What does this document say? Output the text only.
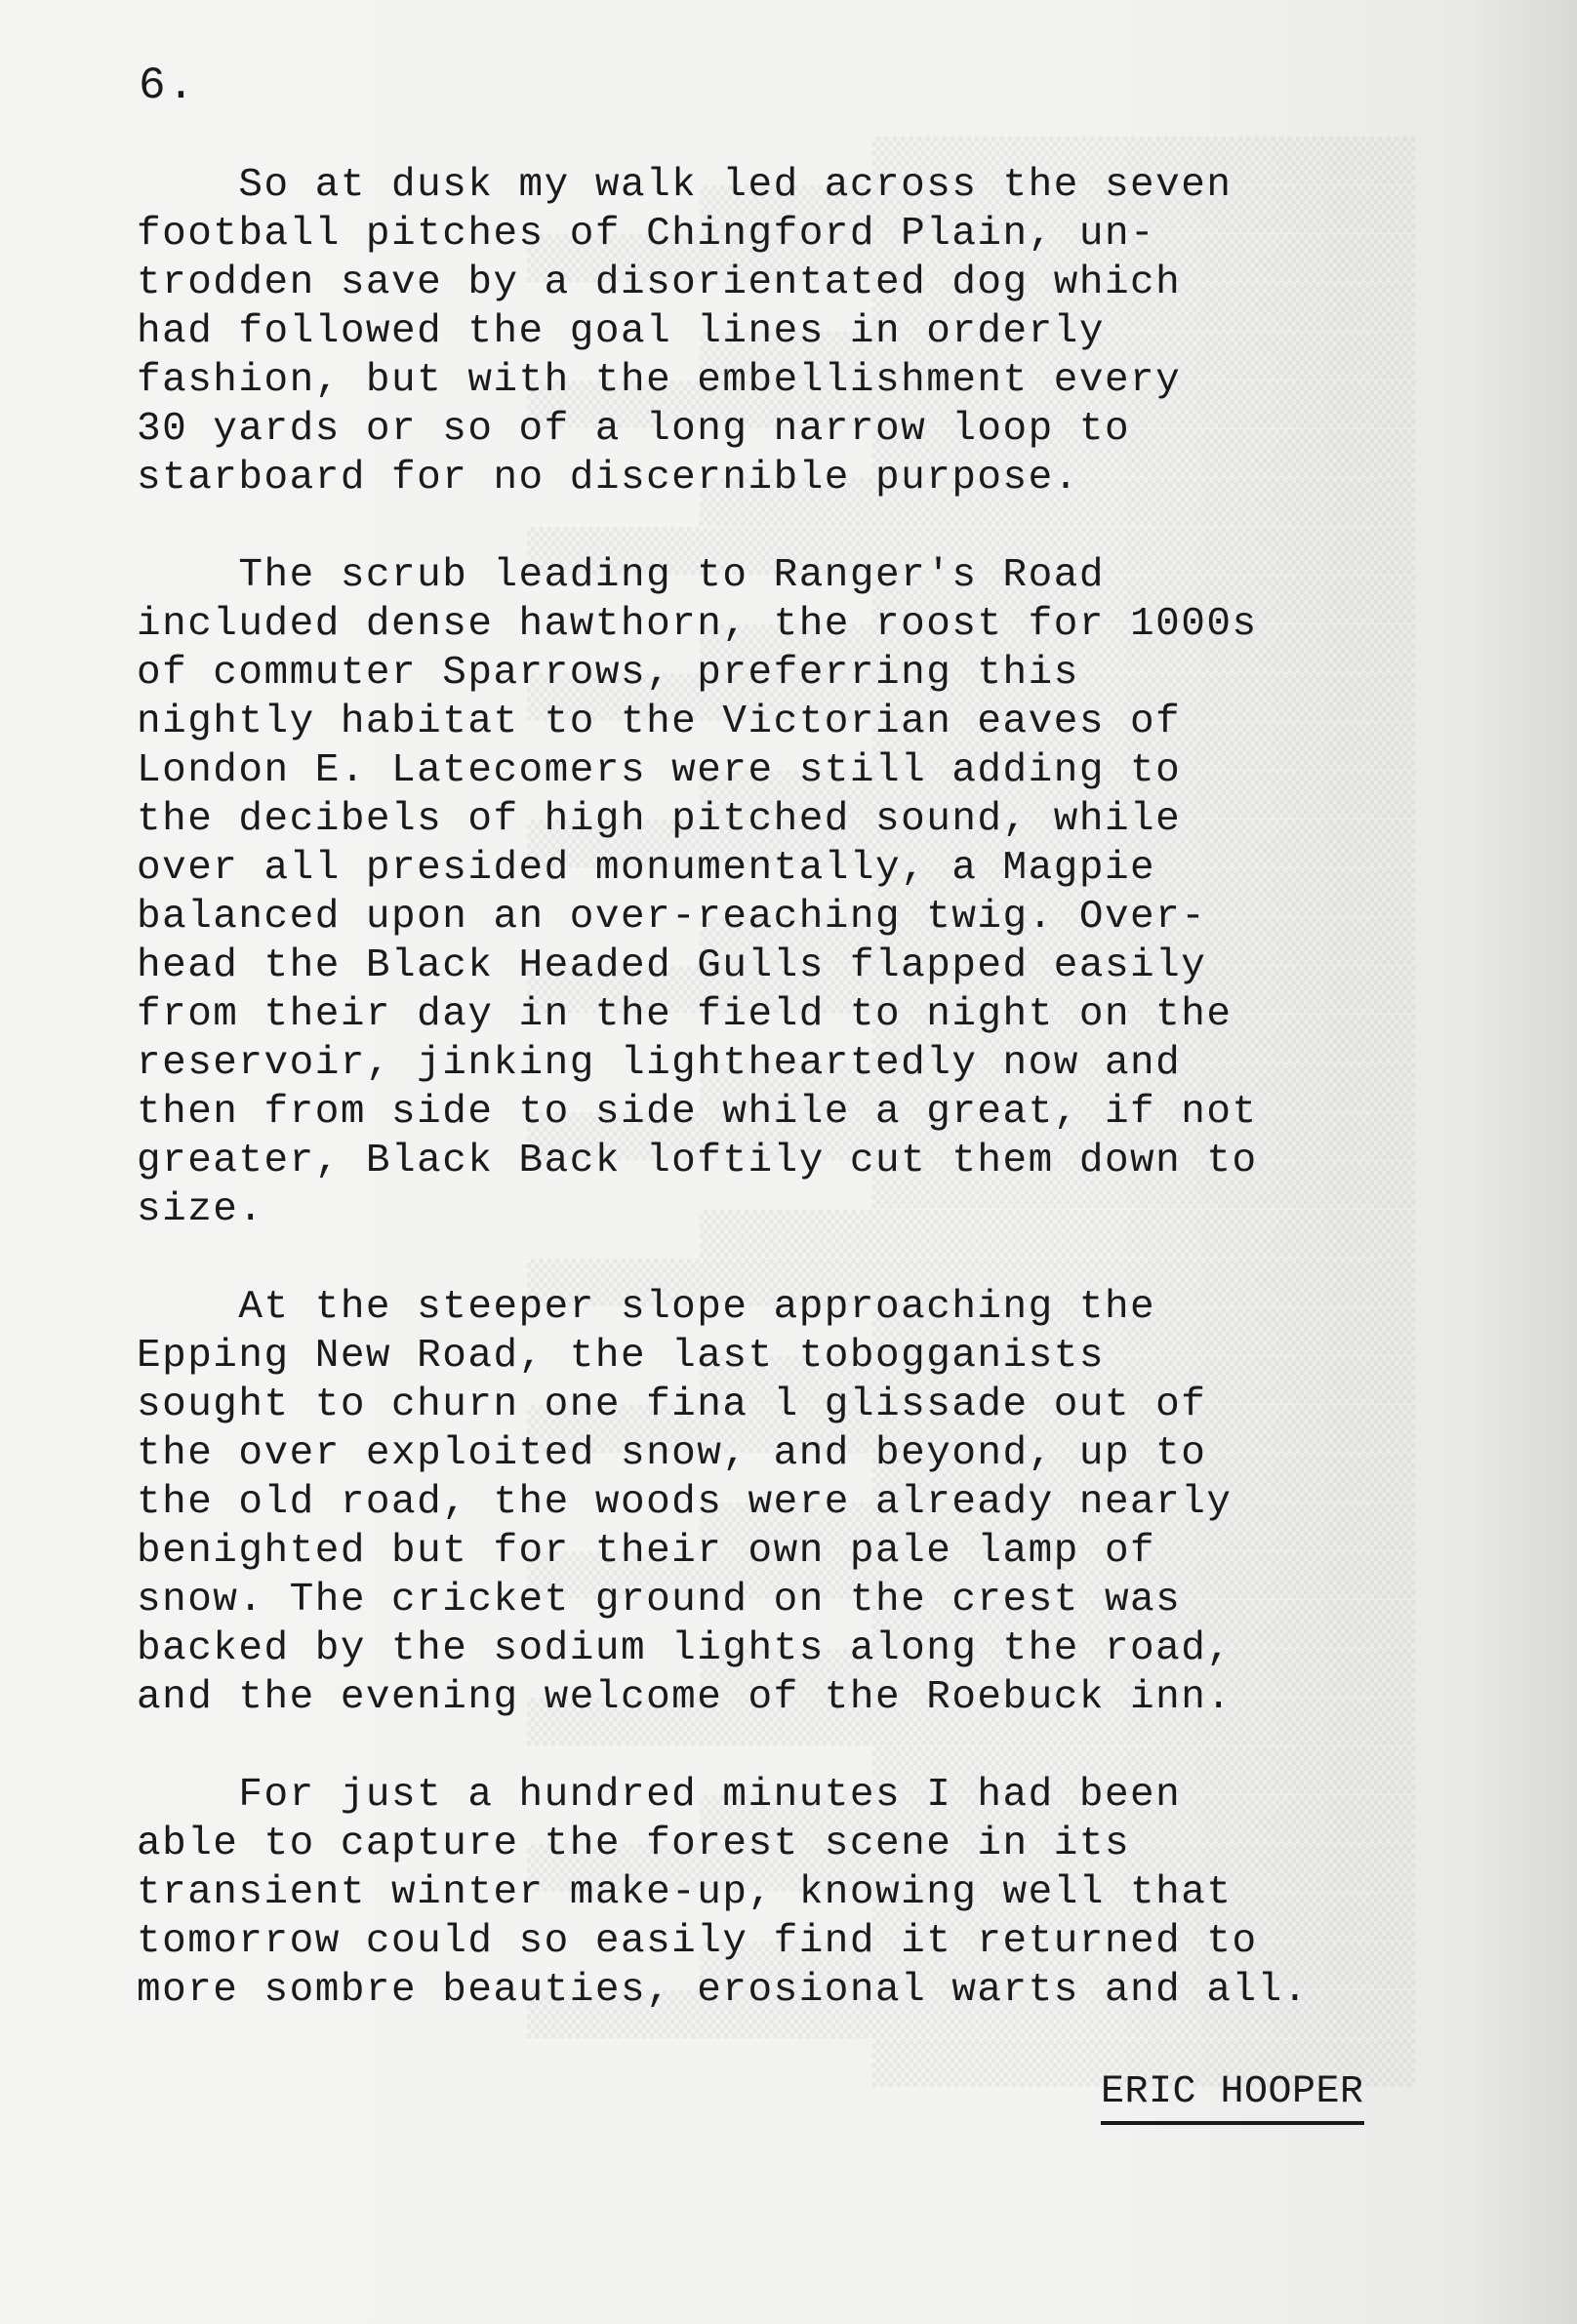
6.
So at dusk my walk led across the seven
football pitches of Chingford Plain, un-
trodden save by a disorientated dog which
had followed the goal lines in orderly
fashion, but with the embellishment every
30 yards or so of a long narrow loop to
starboard for no discernible purpose.
The scrub leading to Ranger's Road
included dense hawthorn, the roost for 1000s
of commuter Sparrows, preferring this
nightly habitat to the Victorian eaves of
London E. Latecomers were still adding to
the decibels of high pitched sound, while
over all presided monumentally, a Magpie
balanced upon an over-reaching twig. Over-
head the Black Headed Gulls flapped easily
from their day in the field to night on the
reservoir, jinking lightheartedly now and
then from side to side while a great, if not
greater, Black Back loftily cut them down to
size.
At the steeper slope approaching the
Epping New Road, the last tobogganists
sought to churn one fina l glissade out of
the over exploited snow, and beyond, up to
the old road, the woods were already nearly
benighted but for their own pale lamp of
snow. The cricket ground on the crest was
backed by the sodium lights along the road,
and the evening welcome of the Roebuck inn.
For just a hundred minutes I had been
able to capture the forest scene in its
transient winter make-up, knowing well that
tomorrow could so easily find it returned to
more sombre beauties, erosional warts and all.
ERIC HOOPER
